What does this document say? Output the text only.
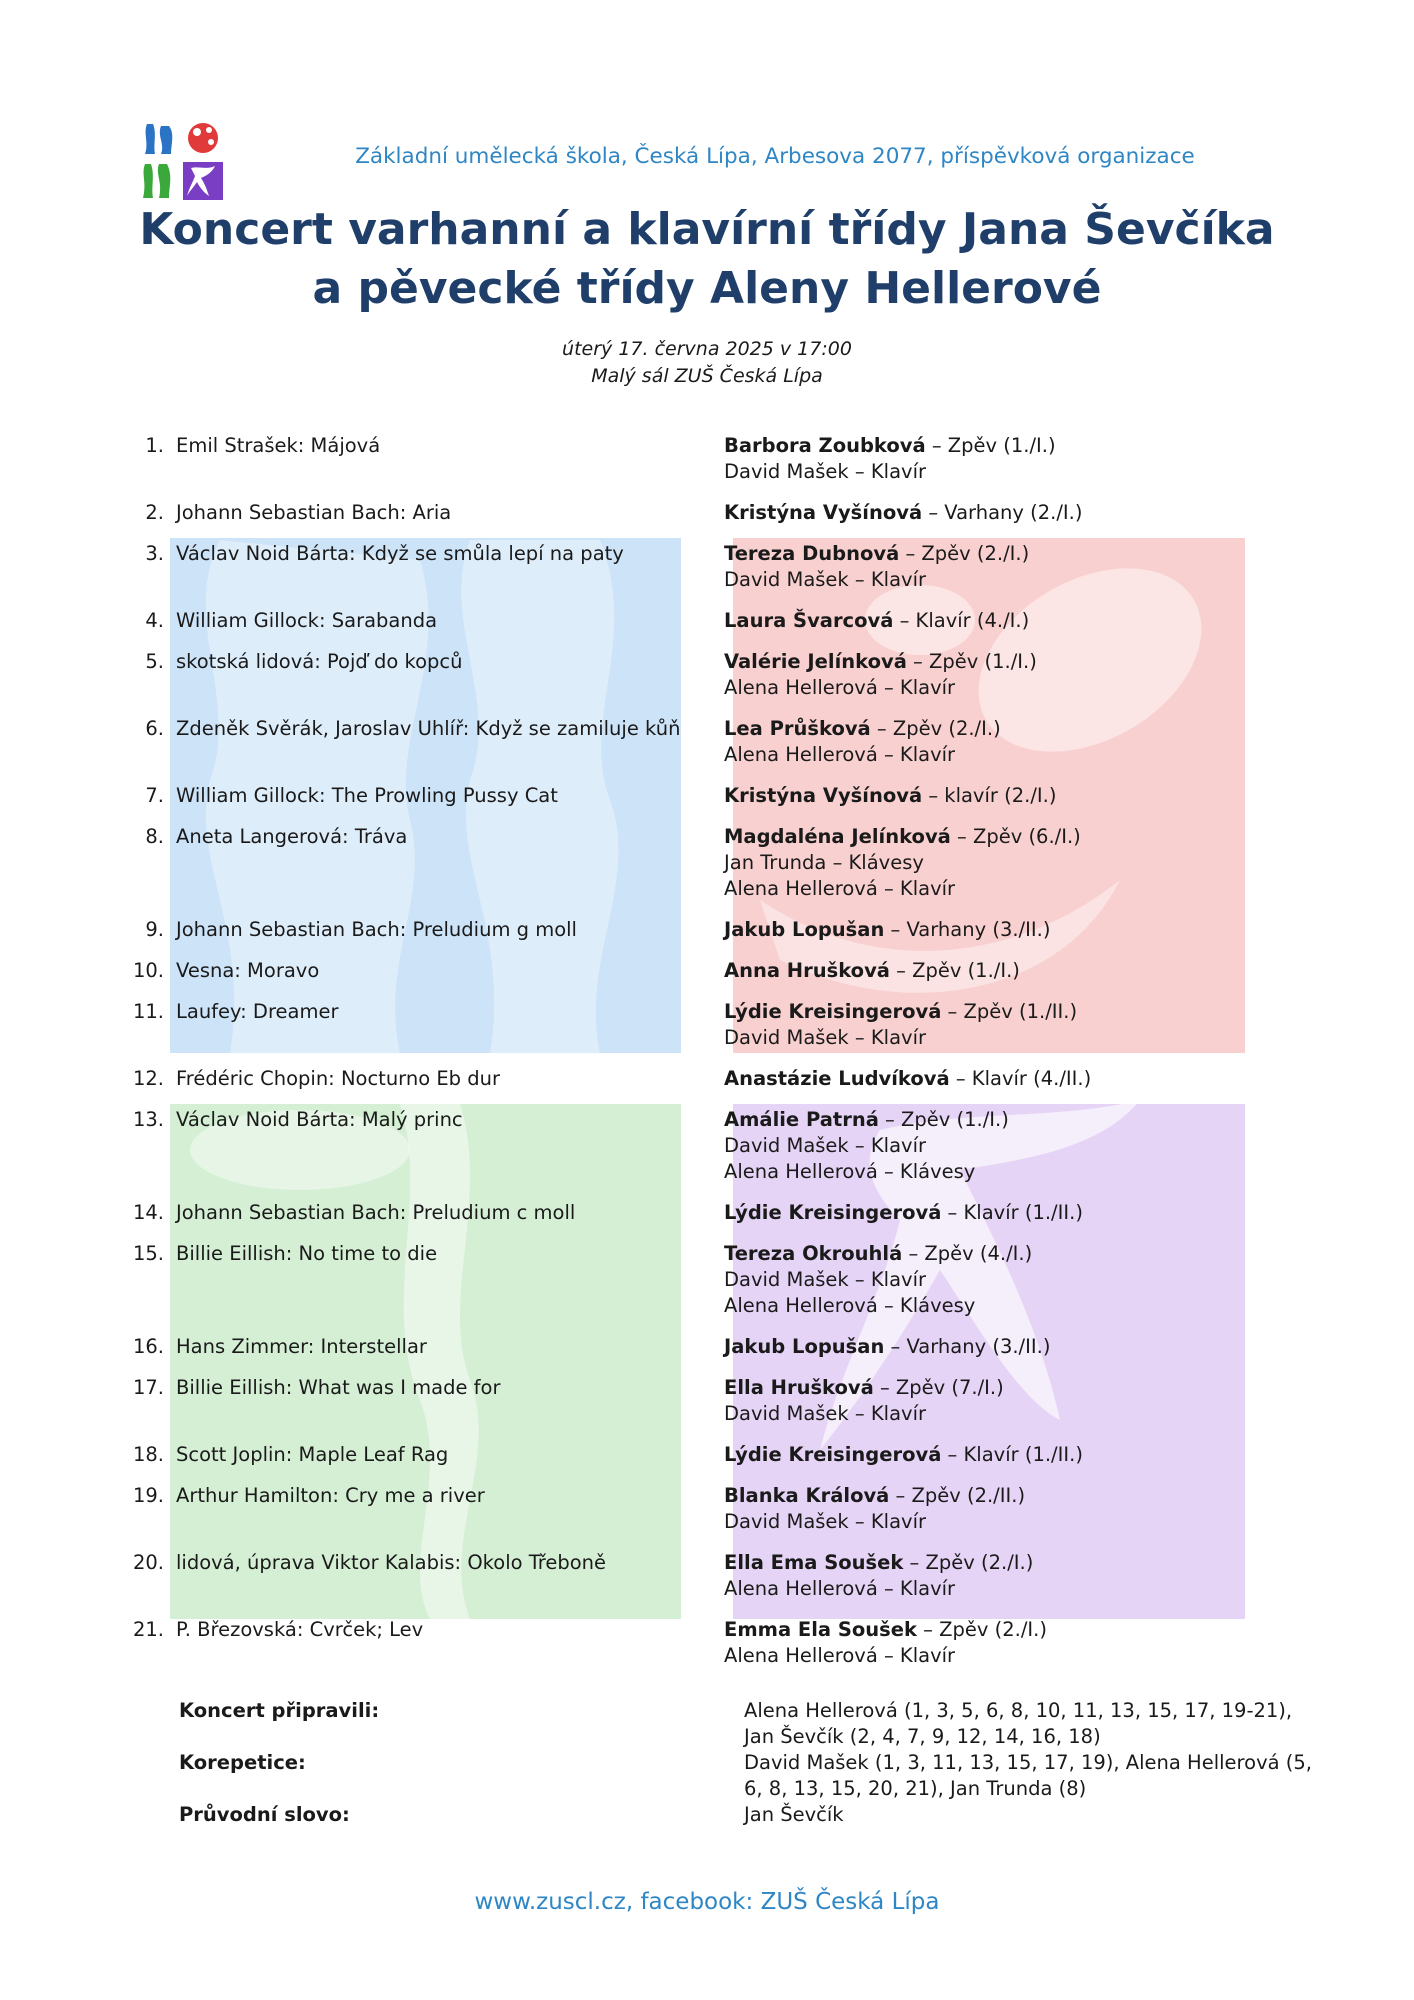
Základní umělecká škola, Česká Lípa, Arbesova 2077, příspěvková organizace
Koncert varhanní a klavírní třídy Jana Ševčíka
a pěvecké třídy Aleny Hellerové
úterý 17. června 2025 v 17:00
Malý sál ZUŠ Česká Lípa
1. Emil Strašek: Májová	Barbora Zoubková – Zpěv (1./I.)
David Mašek – Klavír
2. Johann Sebastian Bach: Aria	Kristýna Vyšínová – Varhany (2./I.)
3. Václav Noid Bárta: Když se smůla lepí na paty	Tereza Dubnová – Zpěv (2./I.)
David Mašek – Klavír
4. William Gillock: Sarabanda	Laura Švarcová – Klavír (4./I.)
5. skotská lidová: Pojď do kopců	Valérie Jelínková – Zpěv (1./I.)
Alena Hellerová – Klavír
6. Zdeněk Svěrák, Jaroslav Uhlíř: Když se zamiluje kůň	Lea Průšková – Zpěv (2./I.)
Alena Hellerová – Klavír
7. William Gillock: The Prowling Pussy Cat	Kristýna Vyšínová – klavír (2./I.)
8. Aneta Langerová: Tráva	Magdaléna Jelínková – Zpěv (6./I.)
Jan Trunda – Klávesy
Alena Hellerová – Klavír
9. Johann Sebastian Bach: Preludium g moll	Jakub Lopušan – Varhany (3./II.)
10. Vesna: Moravo	Anna Hrušková – Zpěv (1./I.)
11. Laufey: Dreamer	Lýdie Kreisingerová – Zpěv (1./II.)
David Mašek – Klavír
12. Frédéric Chopin: Nocturno Eb dur	Anastázie Ludvíková – Klavír (4./II.)
13. Václav Noid Bárta: Malý princ	Amálie Patrná – Zpěv (1./I.)
David Mašek – Klavír
Alena Hellerová – Klávesy
14. Johann Sebastian Bach: Preludium c moll	Lýdie Kreisingerová – Klavír (1./II.)
15. Billie Eillish: No time to die	Tereza Okrouhlá – Zpěv (4./I.)
David Mašek – Klavír
Alena Hellerová – Klávesy
16. Hans Zimmer: Interstellar	Jakub Lopušan – Varhany (3./II.)
17. Billie Eillish: What was I made for	Ella Hrušková – Zpěv (7./I.)
David Mašek – Klavír
18. Scott Joplin: Maple Leaf Rag	Lýdie Kreisingerová – Klavír (1./II.)
19. Arthur Hamilton: Cry me a river	Blanka Králová – Zpěv (2./II.)
David Mašek – Klavír
20. lidová, úprava Viktor Kalabis: Okolo Třeboně	Ella Ema Soušek – Zpěv (2./I.)
Alena Hellerová – Klavír
21. P. Březovská: Cvrček; Lev	Emma Ela Soušek – Zpěv (2./I.)
Alena Hellerová – Klavír
Koncert připravili:	Alena Hellerová (1, 3, 5, 6, 8, 10, 11, 13, 15, 17, 19-21),
Jan Ševčík (2, 4, 7, 9, 12, 14, 16, 18)
Korepetice:	David Mašek (1, 3, 11, 13, 15, 17, 19), Alena Hellerová (5,
6, 8, 13, 15, 20, 21), Jan Trunda (8)
Průvodní slovo:	Jan Ševčík
www.zuscl.cz, facebook: ZUŠ Česká Lípa
